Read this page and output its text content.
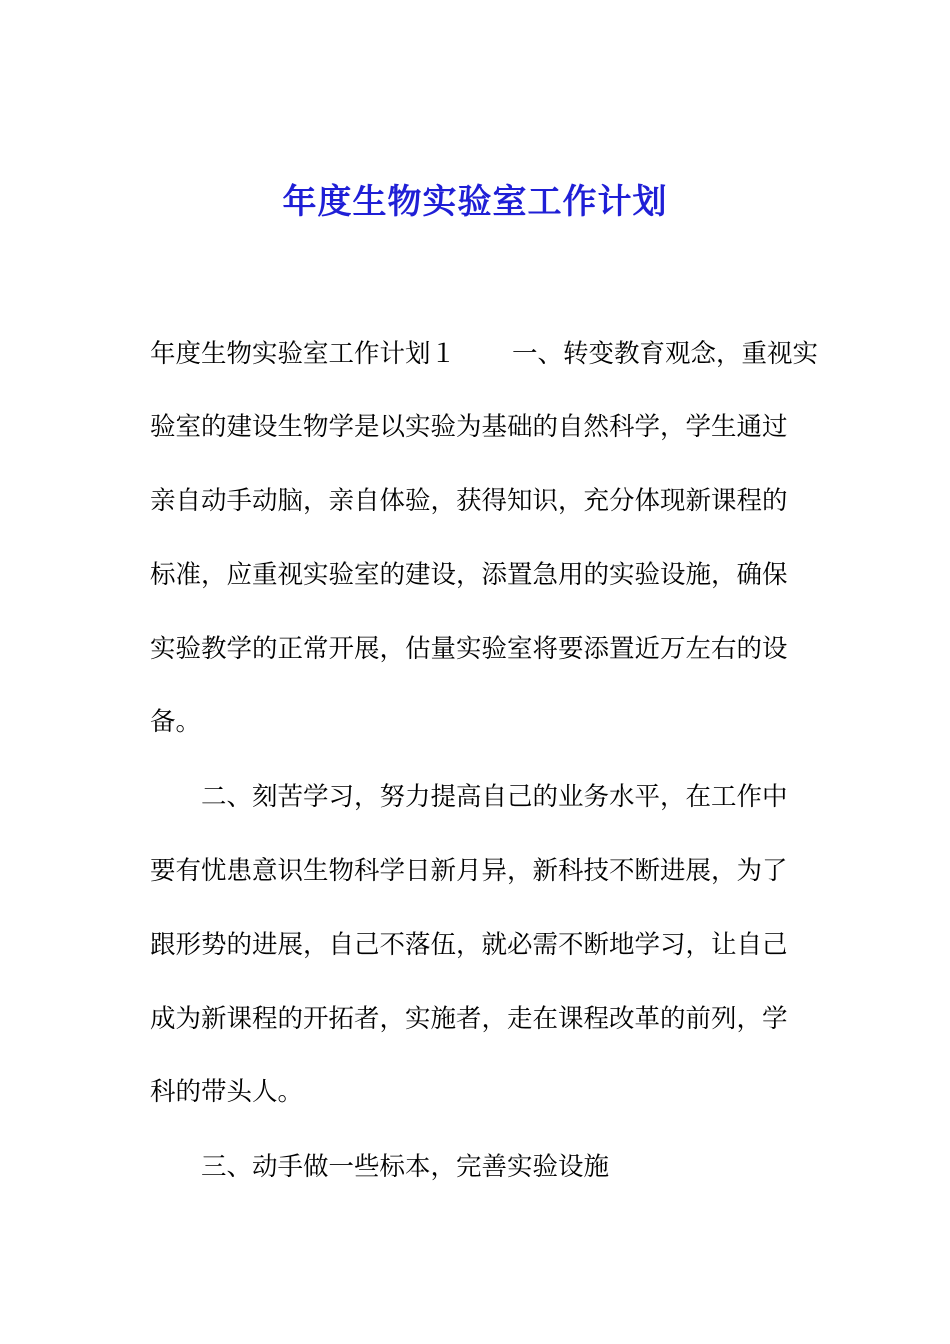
年度生物实验室工作计划

年度生物实验室工作计划１ 一、转变教育观念，重视实

验室的建设生物学是以实验为基础的自然科学，学生通过

亲自动手动脑，亲自体验，获得知识，充分体现新课程的

标准，应重视实验室的建设，添置急用的实验设施，确保

实验教学的正常开展，估量实验室将要添置近万左右的设

备。

二、刻苦学习，努力提高自己的业务水平，在工作中

要有忧患意识生物科学日新月异，新科技不断进展，为了

跟形势的进展，自己不落伍，就必需不断地学习，让自己

成为新课程的开拓者，实施者，走在课程改革的前列，学

科的带头人。

三、动手做一些标本，完善实验设施
